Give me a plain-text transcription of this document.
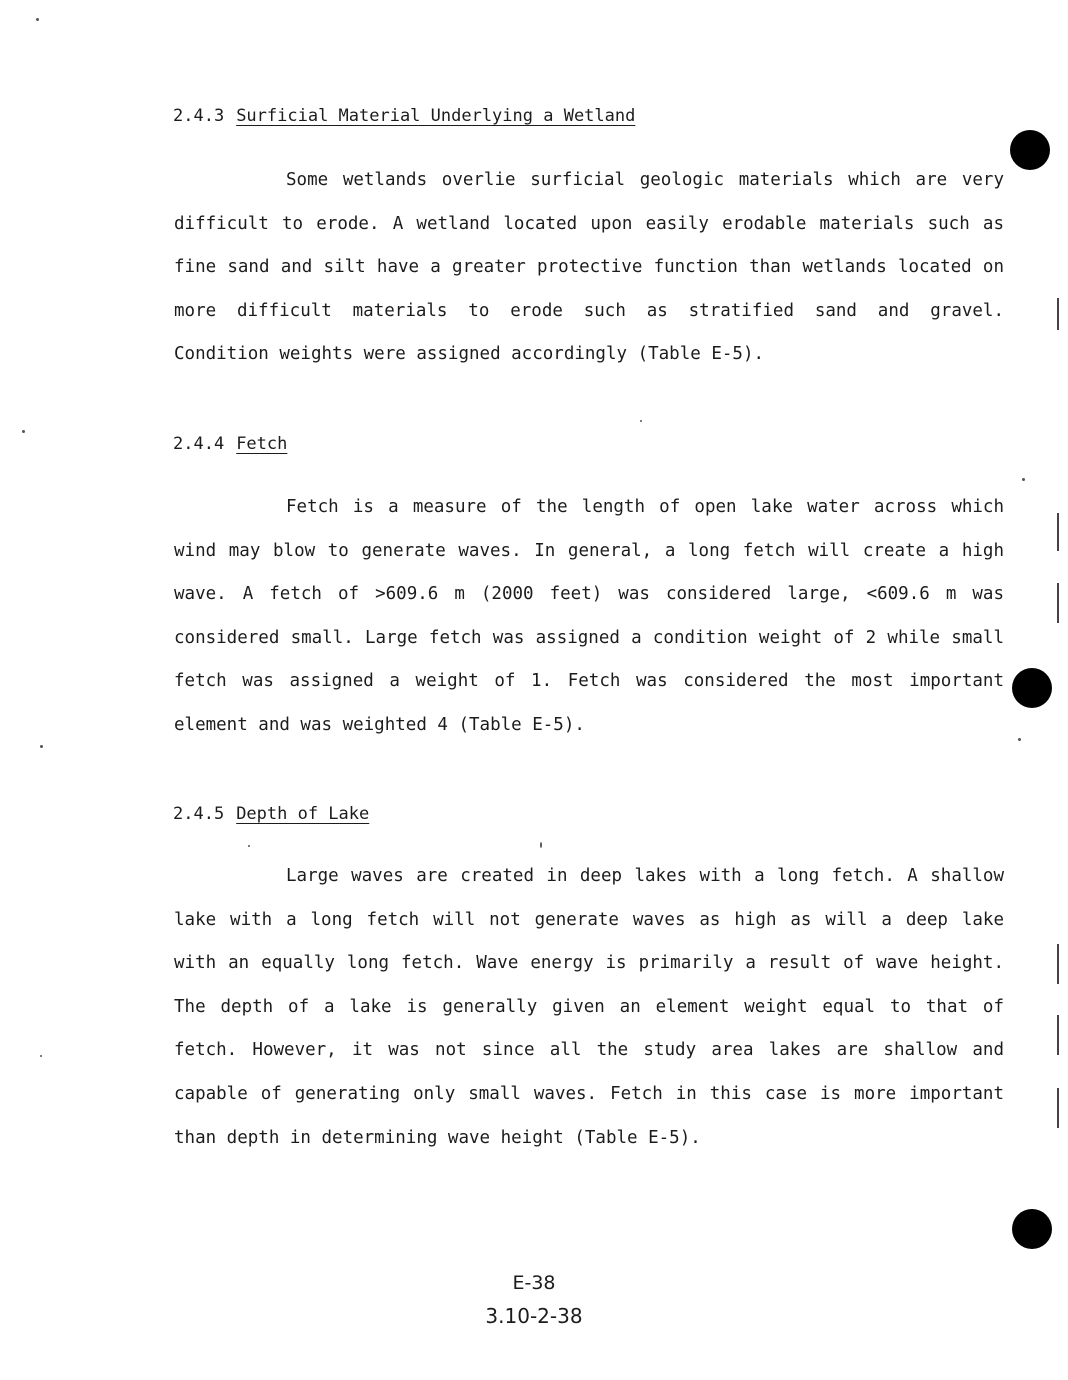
2.4.3 Surficial Material Underlying a Wetland

Some wetlands overlie surficial geologic materials which are very difficult to erode. A wetland located upon easily erodable materials such as fine sand and silt have a greater protective function than wetlands located on more difficult materials to erode such as stratified sand and gravel. Condition weights were assigned accordingly (Table E-5).

2.4.4 Fetch

Fetch is a measure of the length of open lake water across which wind may blow to generate waves. In general, a long fetch will create a high wave. A fetch of >609.6 m (2000 feet) was considered large, <609.6 m was considered small. Large fetch was assigned a condition weight of 2 while small fetch was assigned a weight of 1. Fetch was considered the most important element and was weighted 4 (Table E-5).

2.4.5 Depth of Lake

Large waves are created in deep lakes with a long fetch. A shallow lake with a long fetch will not generate waves as high as will a deep lake with an equally long fetch. Wave energy is primarily a result of wave height. The depth of a lake is generally given an element weight equal to that of fetch. However, it was not since all the study area lakes are shallow and capable of generating only small waves. Fetch in this case is more important than depth in determining wave height (Table E-5).

E-38
3.10-2-38
